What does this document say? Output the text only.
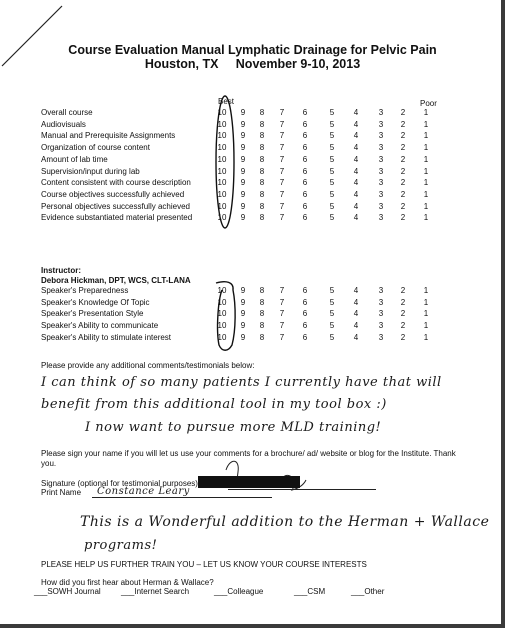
Course Evaluation Manual Lymphatic Drainage for Pelvic Pain
Houston, TX     November 9-10, 2013
Best	Poor
Overall course	10	9	8	7	6	5	4	3	2	1
Audiovisuals	10	9	8	7	6	5	4	3	2	1
Manual and Prerequisite Assignments	10	9	8	7	6	5	4	3	2	1
Organization of course content	10	9	8	7	6	5	4	3	2	1
Amount of lab time	10	9	8	7	6	5	4	3	2	1
Supervision/input during lab	10	9	8	7	6	5	4	3	2	1
Content consistent with course description	10	9	8	7	6	5	4	3	2	1
Course objectives successfully achieved	10	9	8	7	6	5	4	3	2	1
Personal objectives successfully achieved	10	9	8	7	6	5	4	3	2	1
Evidence substantiated material presented	10	9	8	7	6	5	4	3	2	1
Instructor:
Debora Hickman, DPT, WCS, CLT-LANA
Speaker's Preparedness	10	9	8	7	6	5	4	3	2	1
Speaker's Knowledge Of Topic	10	9	8	7	6	5	4	3	2	1
Speaker's Presentation Style	10	9	8	7	6	5	4	3	2	1
Speaker's Ability to communicate	10	9	8	7	6	5	4	3	2	1
Speaker's Ability to stimulate interest	10	9	8	7	6	5	4	3	2	1
Please provide any additional comments/testimonials below:
I can think of so many patients I currently have that will
benefit from this additional tool in my tool box :)
I now want to pursue more MLD training!
Please sign your name if you will let us use your comments for a brochure/ ad/ website or blog for the Institute. Thank
you.
Signature (optional for testimonial purposes)
Print Name Constance Leary
This is a Wonderful addition to the Herman + Wallace
programs!
PLEASE HELP US FURTHER TRAIN YOU – LET US KNOW YOUR COURSE INTERESTS
How did you first hear about Herman & Wallace?
___SOWH Journal	___Internet Search	___Colleague	___CSM	___Other
